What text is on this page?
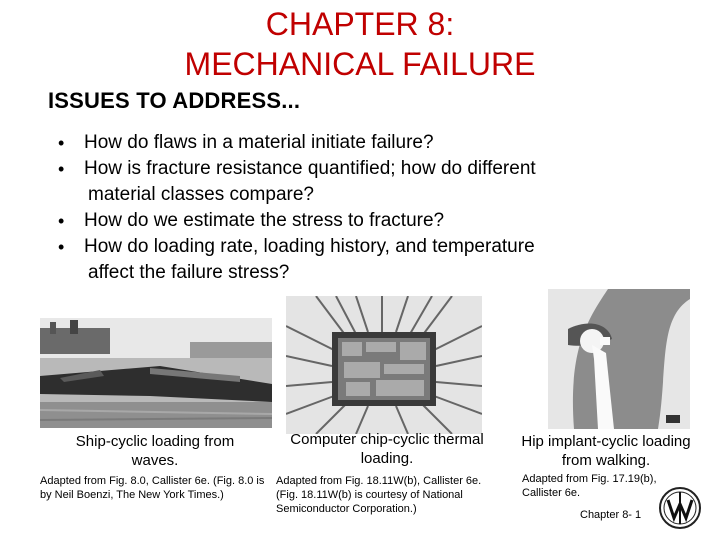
CHAPTER 8:
MECHANICAL FAILURE
ISSUES TO ADDRESS...
• How do flaws in a material initiate failure?
• How is fracture resistance quantified; how do different
material classes compare?
• How do we estimate the stress to fracture?
• How do loading rate, loading history, and temperature
affect the failure stress?
Ship-cyclic loading from waves.
Computer chip-cyclic thermal loading.
Hip implant-cyclic loading from walking.
Adapted from Fig. 8.0, Callister 6e. (Fig. 8.0 is by Neil Boenzi, The New York Times.)
Adapted from Fig. 18.11W(b), Callister 6e. (Fig. 18.11W(b) is courtesy of National Semiconductor Corporation.)
Adapted from Fig. 17.19(b), Callister 6e.
Chapter 8- 1
